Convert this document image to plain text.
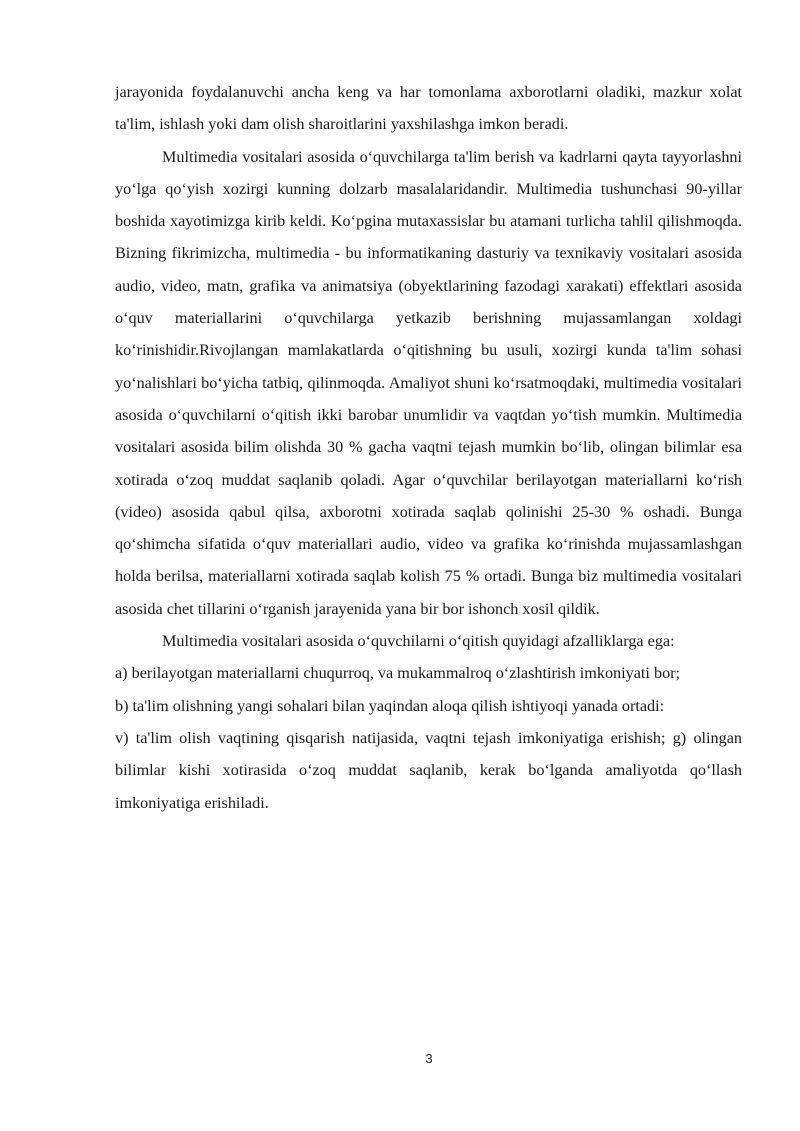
jarayonida foydalanuvchi ancha keng va har tomonlama axborotlarni oladiki, mazkur xolat ta'lim, ishlash yoki dam olish sharoitlarini yaxshilashga imkon beradi.

Multimedia vositalari asosida oʻquvchilarga ta'lim berish va kadrlarni qayta tayyorlashni yoʻlga qoʻyish xozirgi kunning dolzarb masalalaridandir. Multimedia tushunchasi 90-yillar boshida xayotimizga kirib keldi. Koʻpgina mutaxassislar bu atamani turlicha tahlil qilishmoqda. Bizning fikrimizcha, multimedia - bu informatikaning dasturiy va texnikaviy vositalari asosida audio, video, matn, grafika va animatsiya (obyektlarining fazodagi xarakati) effektlari asosida oʻquv materiallarini oʻquvchilarga yetkazib berishning mujassamlangan xoldagi koʻrinishidir.Rivojlangan mamlakatlarda oʻqitishning bu usuli, xozirgi kunda ta'lim sohasi yoʻnalishlari boʻyicha tatbiq, qilinmoqda. Amaliyot shuni koʻrsatmoqdaki, multimedia vositalari asosida oʻquvchilarni oʻqitish ikki barobar unumlidir va vaqtdan yoʻtish mumkin. Multimedia vositalari asosida bilim olishda 30 % gacha vaqtni tejash mumkin boʻlib, olingan bilimlar esa xotirada oʻzoq muddat saqlanib qoladi. Agar oʻquvchilar berilayotgan materiallarni koʻrish (video) asosida qabul qilsa, axborotni xotirada saqlab qolinishi 25-30 % oshadi. Bunga qoʻshimcha sifatida oʻquv materiallari audio, video va grafika koʻrinishda mujassamlashgan holda berilsa, materiallarni xotirada saqlab kolish 75 % ortadi. Bunga biz multimedia vositalari asosida chet tillarini oʻrganish jarayenida yana bir bor ishonch xosil qildik.

Multimedia vositalari asosida oʻquvchilarni oʻqitish quyidagi afzalliklarga ega:

a) berilayotgan materiallarni chuqurroq, va mukammalroq oʻzlashtirish imkoniyati bor;

b) ta'lim olishning yangi sohalari bilan yaqindan aloqa qilish ishtiyoqi yanada ortadi:

v) ta'lim olish vaqtining qisqarish natijasida, vaqtni tejash imkoniyatiga erishish; g) olingan bilimlar kishi xotirasida oʻzoq muddat saqlanib, kerak boʻlganda amaliyotda qoʻllash imkoniyatiga erishiladi.

3
